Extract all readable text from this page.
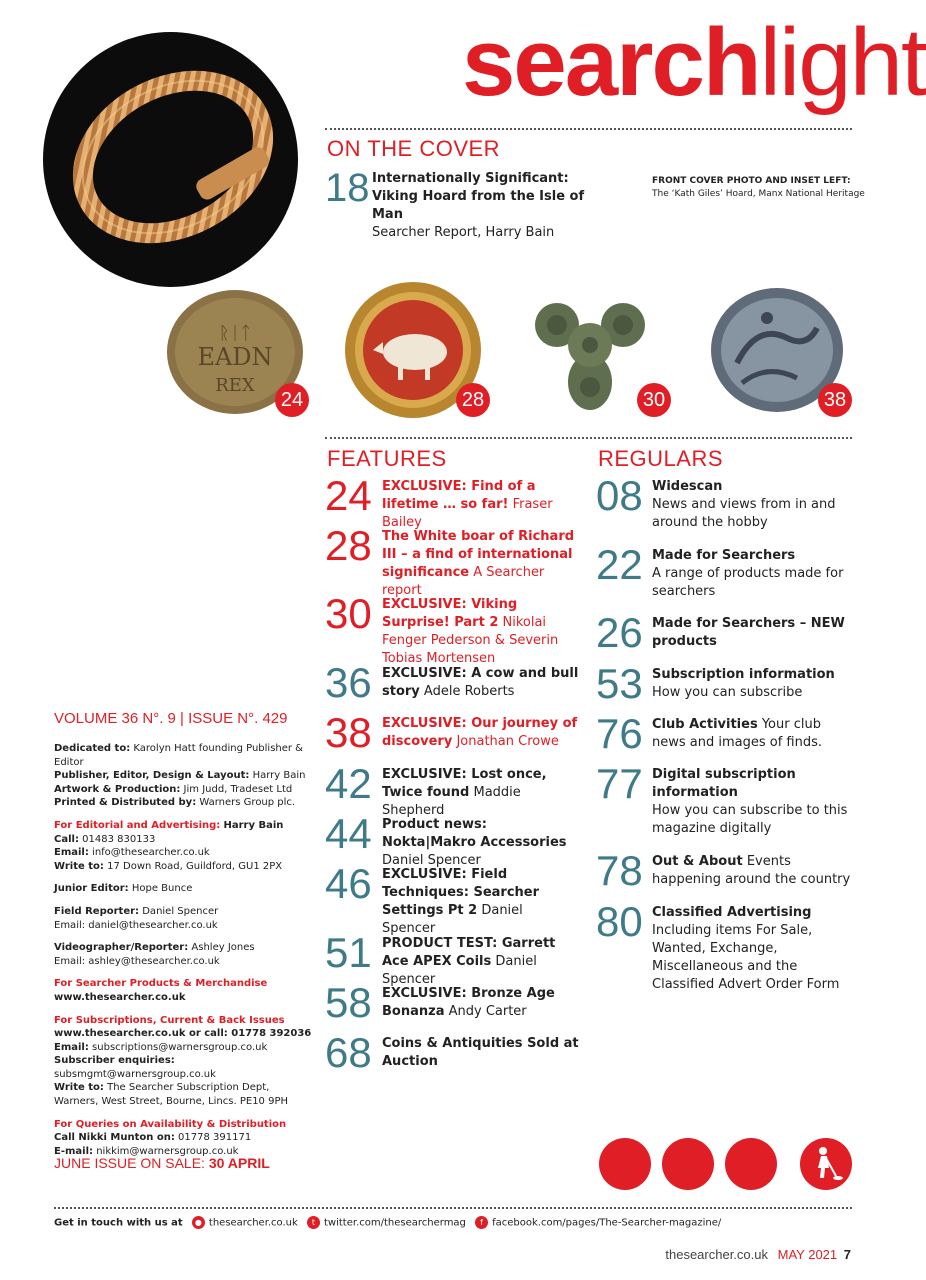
searchlight
ON THE COVER
18 Internationally Significant: Viking Hoard from the Isle of Man
Searcher Report, Harry Bain
FRONT COVER PHOTO AND INSET LEFT:
The ‘Kath Giles’ Hoard, Manx National Heritage
ᚱᛁᛏ
EADN
REX
24	28	30	38
FEATURES
24 EXCLUSIVE: Find of a lifetime … so far! Fraser Bailey
28 The White boar of Richard III – a find of international significance A Searcher report
30 EXCLUSIVE: Viking Surprise! Part 2 Nikolai Fenger Pederson & Severin Tobias Mortensen
36 EXCLUSIVE: A cow and bull story Adele Roberts
38 EXCLUSIVE: Our journey of discovery Jonathan Crowe
42 EXCLUSIVE: Lost once, Twice found Maddie Shepherd
44 Product news: Nokta|Makro Accessories Daniel Spencer
46 EXCLUSIVE: Field Techniques: Searcher Settings Pt 2 Daniel Spencer
51 PRODUCT TEST: Garrett Ace APEX Coils Daniel Spencer
58 EXCLUSIVE: Bronze Age Bonanza Andy Carter
68 Coins & Antiquities Sold at Auction
REGULARS
08 Widescan
News and views from in and around the hobby
22 Made for Searchers
A range of products made for searchers
26 Made for Searchers – NEW products
53 Subscription information
How you can subscribe
76 Club Activities Your club news and images of finds.
77 Digital subscription information
How you can subscribe to this magazine digitally
78 Out & About Events happening around the country
80 Classified Advertising
Including items For Sale, Wanted, Exchange, Miscellaneous and the Classified Advert Order Form
VOLUME 36 N°. 9 | ISSUE N°. 429
Dedicated to: Karolyn Hatt founding Publisher & Editor
Publisher, Editor, Design & Layout: Harry Bain
Artwork & Production: Jim Judd, Tradeset Ltd
Printed & Distributed by: Warners Group plc.
For Editorial and Advertising: Harry Bain
Call: 01483 830133
Email: info@thesearcher.co.uk
Write to: 17 Down Road, Guildford, GU1 2PX
Junior Editor: Hope Bunce
Field Reporter: Daniel Spencer
Email: daniel@thesearcher.co.uk
Videographer/Reporter: Ashley Jones
Email: ashley@thesearcher.co.uk
For Searcher Products & Merchandise
www.thesearcher.co.uk
For Subscriptions, Current & Back Issues
www.thesearcher.co.uk or call: 01778 392036
Email: subscriptions@warnersgroup.co.uk
Subscriber enquiries: subsmgmt@warnersgroup.co.uk
Write to: The Searcher Subscription Dept, Warners, West Street, Bourne, Lincs. PE10 9PH
For Queries on Availability & Distribution
Call Nikki Munton on: 01778 391171
E-mail: nikkim@warnersgroup.co.uk
JUNE ISSUE ON SALE: 30 APRIL
Get in touch with us at ● thesearcher.co.uk t twitter.com/thesearchermag f facebook.com/pages/The-Searcher-magazine/
thesearcher.co.uk MAY 2021 7
